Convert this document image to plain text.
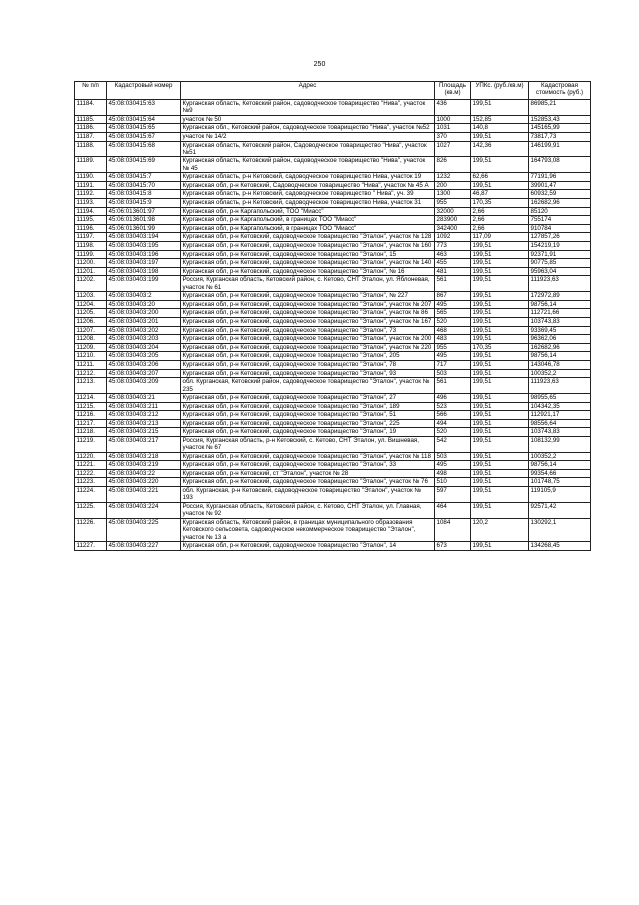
250
№ п/п	Кадастровый номер	Адрес	Площадь (кв.м)	УПКс. (руб./кв.м)	Кадастровая стоимость (руб.)
11184.	45:08:030415:63	Курганская область, Кетовский район, садоводческое товарищество "Нива", участок №9	436	199,51	86985,21
11185.	45:08:030415:64	участок № 50	1000	152,85	152853,43
11186.	45:08:030415:65	Курганская обл., Кетовский район, садоводческое товарищество "Нива", участок №52	1031	140,8	145165,99
11187.	45:08:030415:67	участок № 14/2	370	199,51	73817,73
11188.	45:08:030415:68	Курганская область, Кетовский район, Садоводческое товарищество "Нива", участок №51	1027	142,36	146199,91
11189.	45:08:030415:69	Курганская область, Кетовский район, садоводческое товарищество "Нива", участок № 45	826	199,51	164793,08
11190.	45:08:030415:7	Курганская область, р-н Кетовский, садоводческое товарищество Нива, участок 19	1232	62,66	77191,96
11191.	45:08:030415:70	Курганская обл, р-н Кетовский, Садоводческое товарищество "Нива", участок № 45 А	200	199,51	39901,47
11192.	45:08:030415:8	Курганская область, р-н Кетовский, садоводческое товарищество " Нива", уч. 39	1300	46,87	60932,59
11193.	45:08:030415:9	Курганская область, р-н Кетовский, садоводческое товарищество Нива, участок 31	955	170,35	162682,96
11194.	45:06:013601:97	Курганская обл, р-н Каргапольский, ТОО "Миасс"	32000	2,66	85120
11195.	45:06:013601:98	Курганская обл, р-н Каргапольский, в границах ТОО "Миасс"	283900	2,66	755174
11196.	45:06:013601:99	Курганская обл, р-н Каргапольский, в границах ТОО "Миасс"	342400	2,66	910784
11197.	45:08:030403:194	Курганская обл, р-н Кетовский, садоводческое товарищество "Эталон", участок № 128	1092	117,09	127857,26
11198.	45:08:030403:195	Курганская обл, р-н Кетовский, садоводческое товарищество "Эталон", участок № 160	773	199,51	154219,19
11199.	45:08:030403:196	Курганская обл, р-н Кетовский, садоводческое товарищество "Эталон", 15	463	199,51	92371,91
11200.	45:08:030403:197	Курганская обл, р-н Кетовский, садоводческое товарищество "Эталон", участок № 140	455	199,51	90775,85
11201.	45:08:030403:198	Курганская обл, р-н Кетовский, садоводческое товарищество "Эталон", № 16	481	199,51	95963,04
11202.	45:08:030403:199	Россия, Курганская область, Кетовский район, с. Кетово, СНТ Эталон, ул. Яблоневая, участок № 61	561	199,51	111923,63
11203.	45:08:030403:2	Курганская обл, р-н Кетовский, садоводческое товарищество "Эталон", № 227	867	199,51	172972,89
11204.	45:08:030403:20	Курганская обл, р-н Кетовский, садоводческое товарищество "Эталон", участок № 207	495	199,51	98756,14
11205.	45:08:030403:200	Курганская обл, р-н Кетовский, садоводческое товарищество "Эталон", участок № 86	565	199,51	112721,66
11206.	45:08:030403:201	Курганская обл, р-н Кетовский, садоводческое товарищество "Эталон", участок № 167	520	199,51	103743,83
11207.	45:08:030403:202	Курганская обл, р-н Кетовский, садоводческое товарищество "Эталон", 73	468	199,51	93369,45
11208.	45:08:030403:203	Курганская обл, р-н Кетовский, садоводческое товарищество "Эталон", участок № 200	483	199,51	96362,06
11209.	45:08:030403:204	Курганская обл, р-н Кетовский, садоводческое товарищество "Эталон", участок № 220	955	170,35	162682,96
11210.	45:08:030403:205	Курганская обл, р-н Кетовский, садоводческое товарищество "Эталон", 205	495	199,51	98756,14
11211.	45:08:030403:206	Курганская обл, р-н Кетовский, садоводческое товарищество "Эталон", 78	717	199,51	143046,78
11212.	45:08:030403:207	Курганская обл, р-н Кетовский, садоводческое товарищество "Эталон", 93	503	199,51	100352,2
11213.	45:08:030403:209	обл. Курганская, Кетовский район, садоводческое товарищество "Эталон", участок № 235	561	199,51	111923,63
11214.	45:08:030403:21	Курганская обл, р-н Кетовский, садоводческое товарищество "Эталон", 27	496	199,51	98955,65
11215.	45:08:030403:211	Курганская обл, р-н Кетовский, садоводческое товарищество "Эталон", 189	523	199,51	104342,35
11216.	45:08:030403:212	Курганская обл, р-н Кетовский, садоводческое товарищество "Эталон", 51	566	199,51	112921,17
11217.	45:08:030403:213	Курганская обл, р-н Кетовский, садоводческое товарищество "Эталон", 225	494	199,51	98556,64
11218.	45:08:030403:215	Курганская обл, р-н Кетовский, садоводческое товарищество "Эталон", 19	520	199,51	103743,83
11219.	45:08:030403:217	Россия, Курганская область, р-н Кетовский, с. Кетово, СНТ Эталон, ул. Вишневая, участок № 67	542	199,51	108132,99
11220.	45:08:030403:218	Курганская обл, р-н Кетовский, садоводческое товарищество "Эталон", участок № 118	503	199,51	100352,2
11221.	45:08:030403:219	Курганская обл, р-н Кетовский, садоводческое товарищество "Эталон", 33	495	199,51	98756,14
11222.	45:08:030403:22	Курганская обл, р-н Кетовский, ст "Эталон", участок № 28	498	199,51	99354,66
11223.	45:08:030403:220	Курганская обл, р-н Кетовский, садоводческое товарищество "Эталон", участок № 76	510	199,51	101748,75
11224.	45:08:030403:221	обл. Курганская, р-н Кетовский, садоводческое товарищество "Эталон", участок № 193	597	199,51	119105,9
11225.	45:08:030403:224	Россия, Курганская область, Кетовский район, с. Кетово, СНТ Эталон, ул. Главная, участок № 92	464	199,51	92571,42
11226.	45:08:030403:225	Курганская область, Кетовский район, в границах муниципального образования Кетовского сельсовета, садоводческое некоммерческое товарищество "Эталон", участок № 13 а	1084	120,2	130292,1
11227.	45:08:030403:227	Курганская обл, р-н Кетовский, садоводческое товарищество "Эталон", 14	673	199,51	134268,45
